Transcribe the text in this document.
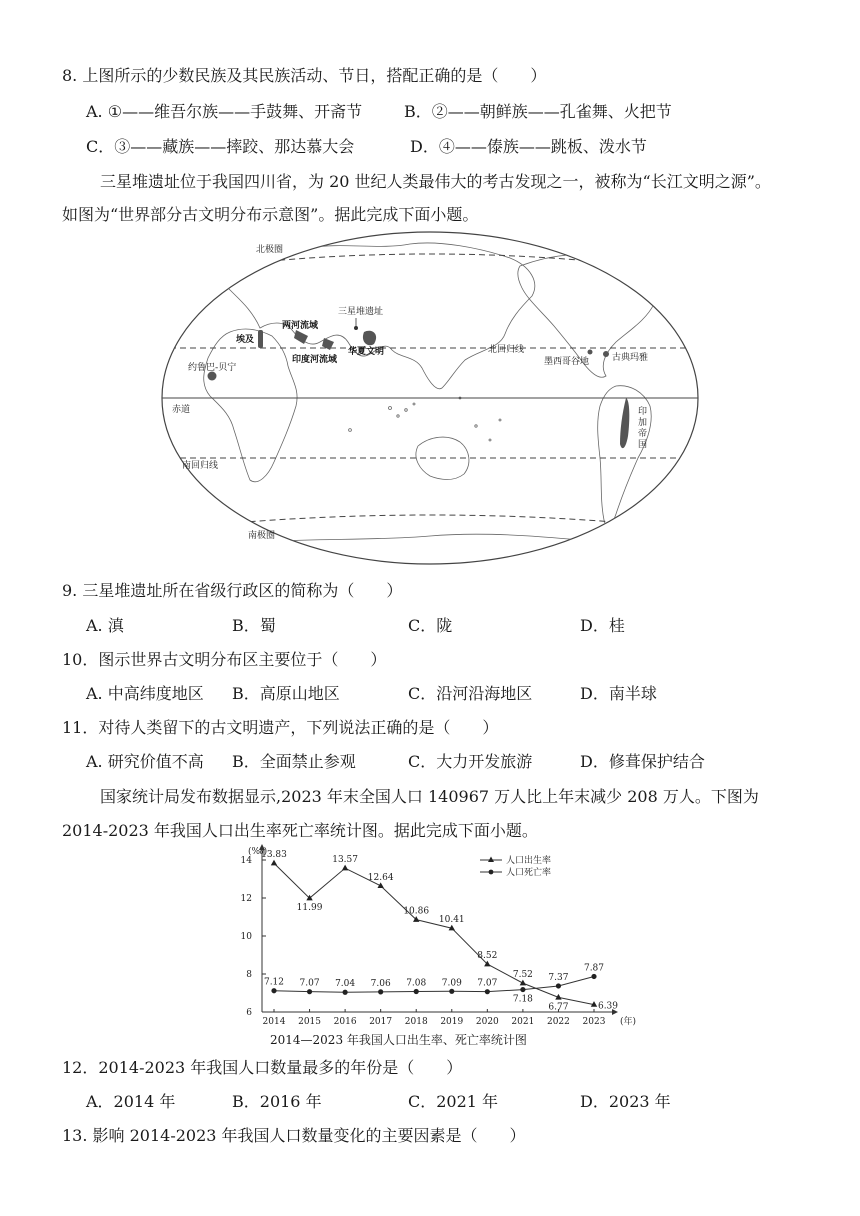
8. 上图所示的少数民族及其民族活动、节日，搭配正确的是（　　）
A. ①——维吾尔族——手鼓舞、开斋节	B．②——朝鲜族——孔雀舞、火把节
C．③——藏族——摔跤、那达慕大会	D．④——傣族——跳板、泼水节
三星堆遗址位于我国四川省，为 20 世纪人类最伟大的考古发现之一，被称为“长江文明之源”。
如图为“世界部分古文明分布示意图”。据此完成下面小题。
北极圈
北回归线
赤道
南回归线
南极圈
埃及
两河流域
印度河流域
三星堆遗址
华夏文明
约鲁巴-贝宁
墨西哥谷地	古典玛雅
印加帝国
9. 三星堆遗址所在省级行政区的简称为（　　）
A. 滇	B．蜀	C．陇	D．桂
10．图示世界古文明分布区主要位于（　　）
A. 中高纬度地区 B．高原山地区	C．沿河沿海地区	D．南半球
11．对待人类留下的古文明遗产，下列说法正确的是（　　）
A. 研究价值不高 B．全面禁止参观	C．大力开发旅游	D．修葺保护结合
国家统计局发布数据显示,2023 年末全国人口 140967 万人比上年末减少 208 万人。下图为
2014-2023 年我国人口出生率死亡率统计图。据此完成下面小题。
(‰)
(年)
6
8
10
12
14
2014 2015 2016 2017 2018 2019 2020 2021 2022 2023
13.83
11.99
13.57
12.64
10.86
10.41
8.52
7.52
6.77	6.39
7.12 7.07 7.04 7.06 7.08 7.09 7.07
7.18
7.37
7.87
人口出生率
人口死亡率
2014—2023 年我国人口出生率、死亡率统计图
12．2014-2023 年我国人口数量最多的年份是（　　）
A．2014 年	B．2016 年	C．2021 年	D．2023 年
13. 影响 2014-2023 年我国人口数量变化的主要因素是（　　）
